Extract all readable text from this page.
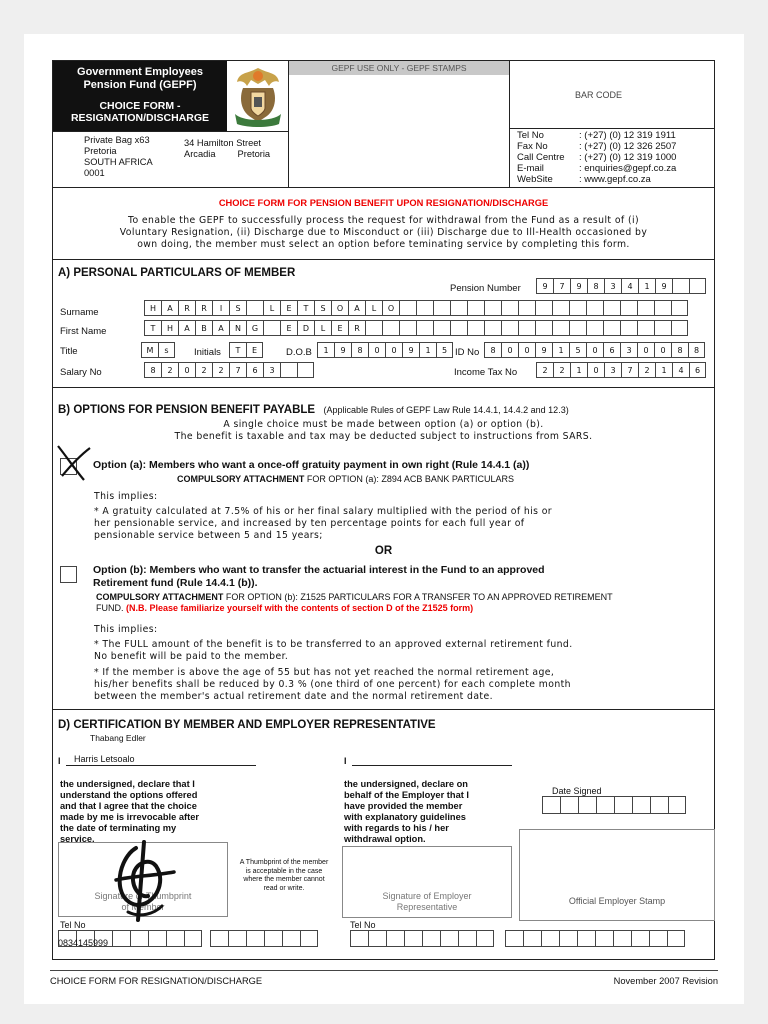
Government Employees
Pension Fund (GEPF)
CHOICE FORM -
RESIGNATION/DISCHARGE
GEPF USE ONLY - GEPF STAMPS
BAR CODE
Private Bag x63
Pretoria
SOUTH AFRICA
0001
34 Hamilton Street
Arcadia Pretoria
Tel No	: (+27) (0) 12 319 1911
Fax No	: (+27) (0) 12 326 2507
Call Centre	: (+27) (0) 12 319 1000
E-mail	: enquiries@gepf.co.za
WebSite	: www.gepf.co.za
CHOICE FORM FOR PENSION BENEFIT UPON RESIGNATION/DISCHARGE
To enable the GEPF to successfully process the request for withdrawal from the Fund as a result of (i)
Voluntary Resignation, (ii) Discharge due to Misconduct or (iii) Discharge due to Ill-Health occasioned by
own doing, the member must select an option before teminating service by completing this form.
A) PERSONAL PARTICULARS OF MEMBER
Pension Number	9	7	9	8	3	4	1	9
Surname	H	A	R	R	I	S	L	E	T	S	O	A	L	O
First Name	T	H	A	B	A	N	G	E	D	L	E	R
Title	M	s	Initials	T	E	D.O.B	1	9	8	0	0	9	1	5 ID No	8	0	0	9	1	5	0	6	3	0	0	8	8
Salary No	8	2	0	2	2	7	6	3	Income Tax No	2	2	1	0	3	7	2	1	4	6
B) OPTIONS FOR PENSION BENEFIT PAYABLE (Applicable Rules of GEPF Law Rule 14.4.1, 14.4.2 and 12.3)
A single choice must be made between option (a) or option (b).
The benefit is taxable and tax may be deducted subject to instructions from SARS.
Option (a): Members who want a once-off gratuity payment in own right (Rule 14.4.1 (a))
COMPULSORY ATTACHMENT FOR OPTION (a): Z894 ACB BANK PARTICULARS
This implies:
* A gratuity calculated at 7.5% of his or her final salary multiplied with the period of his or
her pensionable service, and increased by ten percentage points for each full year of
pensionable service between 5 and 15 years;
OR
Option (b): Members who want to transfer the actuarial interest in the Fund to an approved
Retirement fund (Rule 14.4.1 (b)).
COMPULSORY ATTACHMENT FOR OPTION (b): Z1525 PARTICULARS FOR A TRANSFER TO AN APPROVED RETIREMENT
FUND. (N.B. Please familiarize yourself with the contents of section D of the Z1525 form)
This implies:
* The FULL amount of the benefit is to be transferred to an approved external retirement fund.
No benefit will be paid to the member.
* If the member is above the age of 55 but has not yet reached the normal retirement age,
his/her benefits shall be reduced by 0.3 % (one third of one percent) for each complete month
between the member's actual retirement date and the normal retirement date.
D) CERTIFICATION BY MEMBER AND EMPLOYER REPRESENTATIVE
Thabang Edler
I Harris Letsoalo	I
the undersigned, declare that I
understand the options offered
and that I agree that the choice
made by me is irrevocable after
the date of terminating my
service.
the undersigned, declare on
behalf of the Employer that I
have provided the member
with explanatory guidelines
with regards to his / her
withdrawal option.
Date Signed
Signature or Thumbprint
of Member
A Thumbprint of the member
is acceptable in the case
where the member cannot
read or write.
Signature of Employer
Representative
Official Employer Stamp
Tel No
0834145999
Tel No
CHOICE FORM FOR RESIGNATION/DISCHARGE	November 2007 Revision
